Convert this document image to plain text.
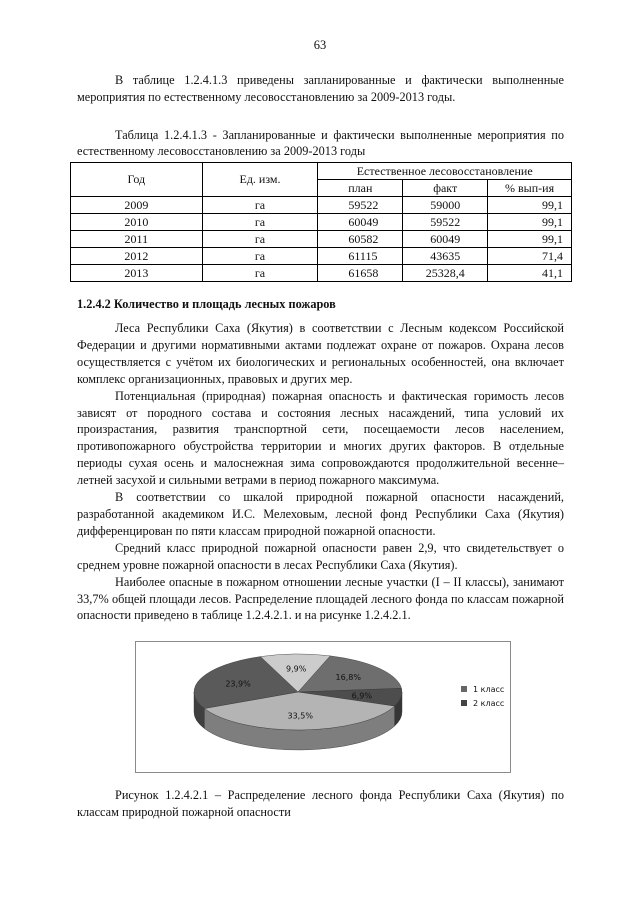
63
В таблице 1.2.4.1.3 приведены запланированные и фактически выполненные мероприятия по естественному лесовосстановлению за 2009-2013 годы.
Таблица 1.2.4.1.3 - Запланированные и фактически выполненные мероприятия по естественному лесовосстановлению за 2009-2013 годы
Год	Ед. изм.	Естественное лесовосстановление		
		план	факт	% вып-ия
2009	га	59522	59000	99,1
2010	га	60049	59522	99,1
2011	га	60582	60049	99,1
2012	га	61115	43635	71,4
2013	га	61658	25328,4	41,1
1.2.4.2 Количество и площадь лесных пожаров

Леса Республики Саха (Якутия) в соответствии с Лесным кодексом Российской Федерации и другими нормативными актами подлежат охране от пожаров. Охрана лесов осуществляется с учётом их биологических и региональных особенностей, она включает комплекс организационных, правовых и других мер.

Потенциальная (природная) пожарная опасность и фактическая горимость лесов зависят от породного состава и состояния лесных насаждений, типа условий их произрастания, развития транспортной сети, посещаемости лесов населением, противопожарного обустройства территории и многих других факторов. В отдельные периоды сухая осень и малоснежная зима сопровождаются продолжительной весенне–летней засухой и сильными ветрами в период пожарного максимума.

В соответствии со шкалой природной пожарной опасности насаждений, разработанной академиком И.С. Мелеховым, лесной фонд Республики Саха (Якутия) дифференцирован по пяти классам природной пожарной опасности.

Средний класс природной пожарной опасности равен 2,9, что свидетельствует о среднем уровне пожарной опасности в лесах Республики Саха (Якутия).

Наиболее опасные в пожарном отношении лесные участки (I – II классы), занимают 33,7% общей площади лесов. Распределение площадей лесного фонда по классам пожарной опасности приведено в таблице 1.2.4.2.1. и на рисунке 1.2.4.2.1.

16,8%
6,9%
33,5%
23,9%
9,9%
1 класс
2 класс
Рисунок 1.2.4.2.1 – Распределение лесного фонда Республики Саха (Якутия) по классам природной пожарной опасности
